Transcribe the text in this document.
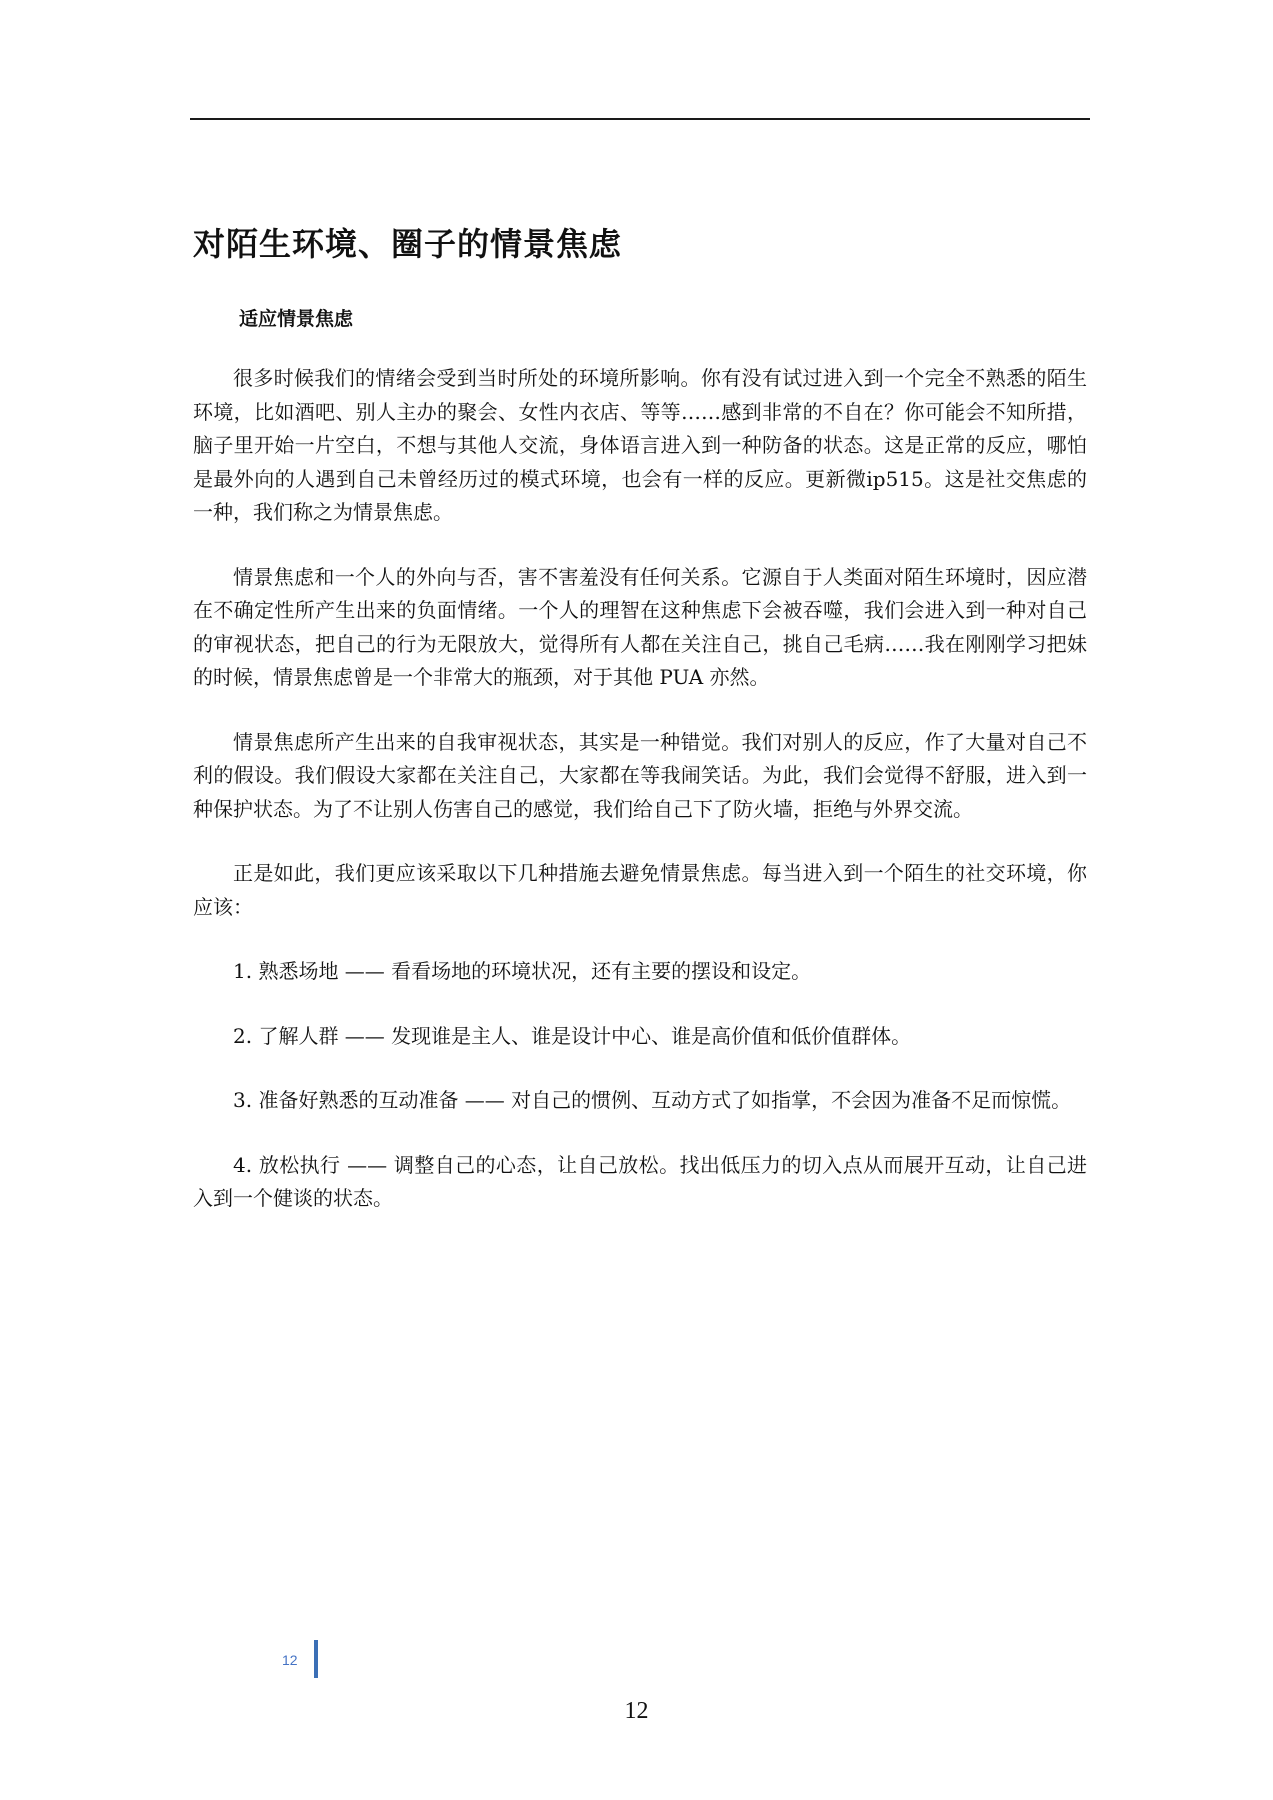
对陌生环境、圈子的情景焦虑
适应情景焦虑

很多时候我们的情绪会受到当时所处的环境所影响。你有没有试过进入到一个完全不熟悉的陌生环境，比如酒吧、别人主办的聚会、女性内衣店、等等……感到非常的不自在？你可能会不知所措，脑子里开始一片空白，不想与其他人交流，身体语言进入到一种防备的状态。这是正常的反应，哪怕是最外向的人遇到自己未曾经历过的模式环境，也会有一样的反应。更新微ip515。这是社交焦虑的一种，我们称之为情景焦虑。

情景焦虑和一个人的外向与否，害不害羞没有任何关系。它源自于人类面对陌生环境时，因应潜在不确定性所产生出来的负面情绪。一个人的理智在这种焦虑下会被吞噬，我们会进入到一种对自己的审视状态，把自己的行为无限放大，觉得所有人都在关注自己，挑自己毛病……我在刚刚学习把妹的时候，情景焦虑曾是一个非常大的瓶颈，对于其他 PUA 亦然。

情景焦虑所产生出来的自我审视状态，其实是一种错觉。我们对别人的反应，作了大量对自己不利的假设。我们假设大家都在关注自己，大家都在等我闹笑话。为此，我们会觉得不舒服，进入到一种保护状态。为了不让别人伤害自己的感觉，我们给自己下了防火墙，拒绝与外界交流。

正是如此，我们更应该采取以下几种措施去避免情景焦虑。每当进入到一个陌生的社交环境，你应该：

1. 熟悉场地 —— 看看场地的环境状况，还有主要的摆设和设定。

2. 了解人群 —— 发现谁是主人、谁是设计中心、谁是高价值和低价值群体。

3. 准备好熟悉的互动准备 —— 对自己的惯例、互动方式了如指掌，不会因为准备不足而惊慌。

4. 放松执行 —— 调整自己的心态，让自己放松。找出低压力的切入点从而展开互动，让自己进入到一个健谈的状态。

12
12
